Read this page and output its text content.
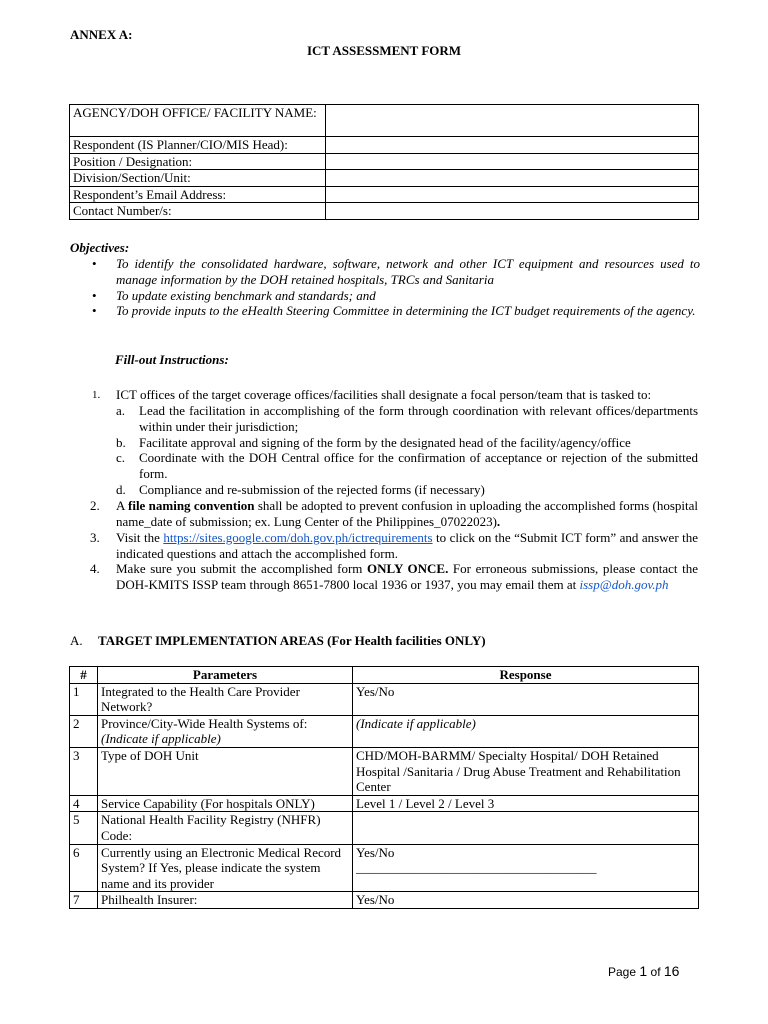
ANNEX A:
ICT ASSESSMENT FORM
AGENCY/DOH OFFICE/ FACILITY NAME:	
Respondent (IS Planner/CIO/MIS Head):	
Position / Designation:	
Division/Section/Unit:	
Respondent’s Email Address:	
Contact Number/s:	
Objectives:
• To identify the consolidated hardware, software, network and other ICT equipment and resources used to manage information by the DOH retained hospitals, TRCs and Sanitaria
• To update existing benchmark and standards; and
• To provide inputs to the eHealth Steering Committee in determining the ICT budget requirements of the agency.
Fill-out Instructions:
1. ICT offices of the target coverage offices/facilities shall designate a focal person/team that is tasked to:
a. Lead the facilitation in accomplishing of the form through coordination with relevant offices/departments within under their jurisdiction;
b. Facilitate approval and signing of the form by the designated head of the facility/agency/office
c. Coordinate with the DOH Central office for the confirmation of acceptance or rejection of the submitted form.
d. Compliance and re-submission of the rejected forms (if necessary)
2. A file naming convention shall be adopted to prevent confusion in uploading the accomplished forms (hospital name_date of submission; ex. Lung Center of the Philippines_07022023).
3. Visit the https://sites.google.com/doh.gov.ph/ictrequirements to click on the “Submit ICT form” and answer the indicated questions and attach the accomplished form.
4. Make sure you submit the accomplished form ONLY ONCE. For erroneous submissions, please contact the DOH-KMITS ISSP team through 8651-7800 local 1936 or 1937, you may email them at issp@doh.gov.ph
A. TARGET IMPLEMENTATION AREAS (For Health facilities ONLY)
#	Parameters	Response
1	Integrated to the Health Care Provider Network?	Yes/No

2	Province/City-Wide Health Systems of:
(Indicate if applicable)	(Indicate if applicable)

3	Type of DOH Unit	CHD/MOH-BARMM/ Specialty Hospital/ DOH Retained Hospital /Sanitaria / Drug Abuse Treatment and Rehabilitation Center

4	Service Capability (For hospitals ONLY)	Level 1 / Level 2 / Level 3

5	National Health Facility Registry (NHFR) Code:	

6	Currently using an Electronic Medical Record System? If Yes, please indicate the system name and its provider	Yes/No
_____________________________________

7	Philhealth Insurer:	Yes/No
Page 1 of 16
